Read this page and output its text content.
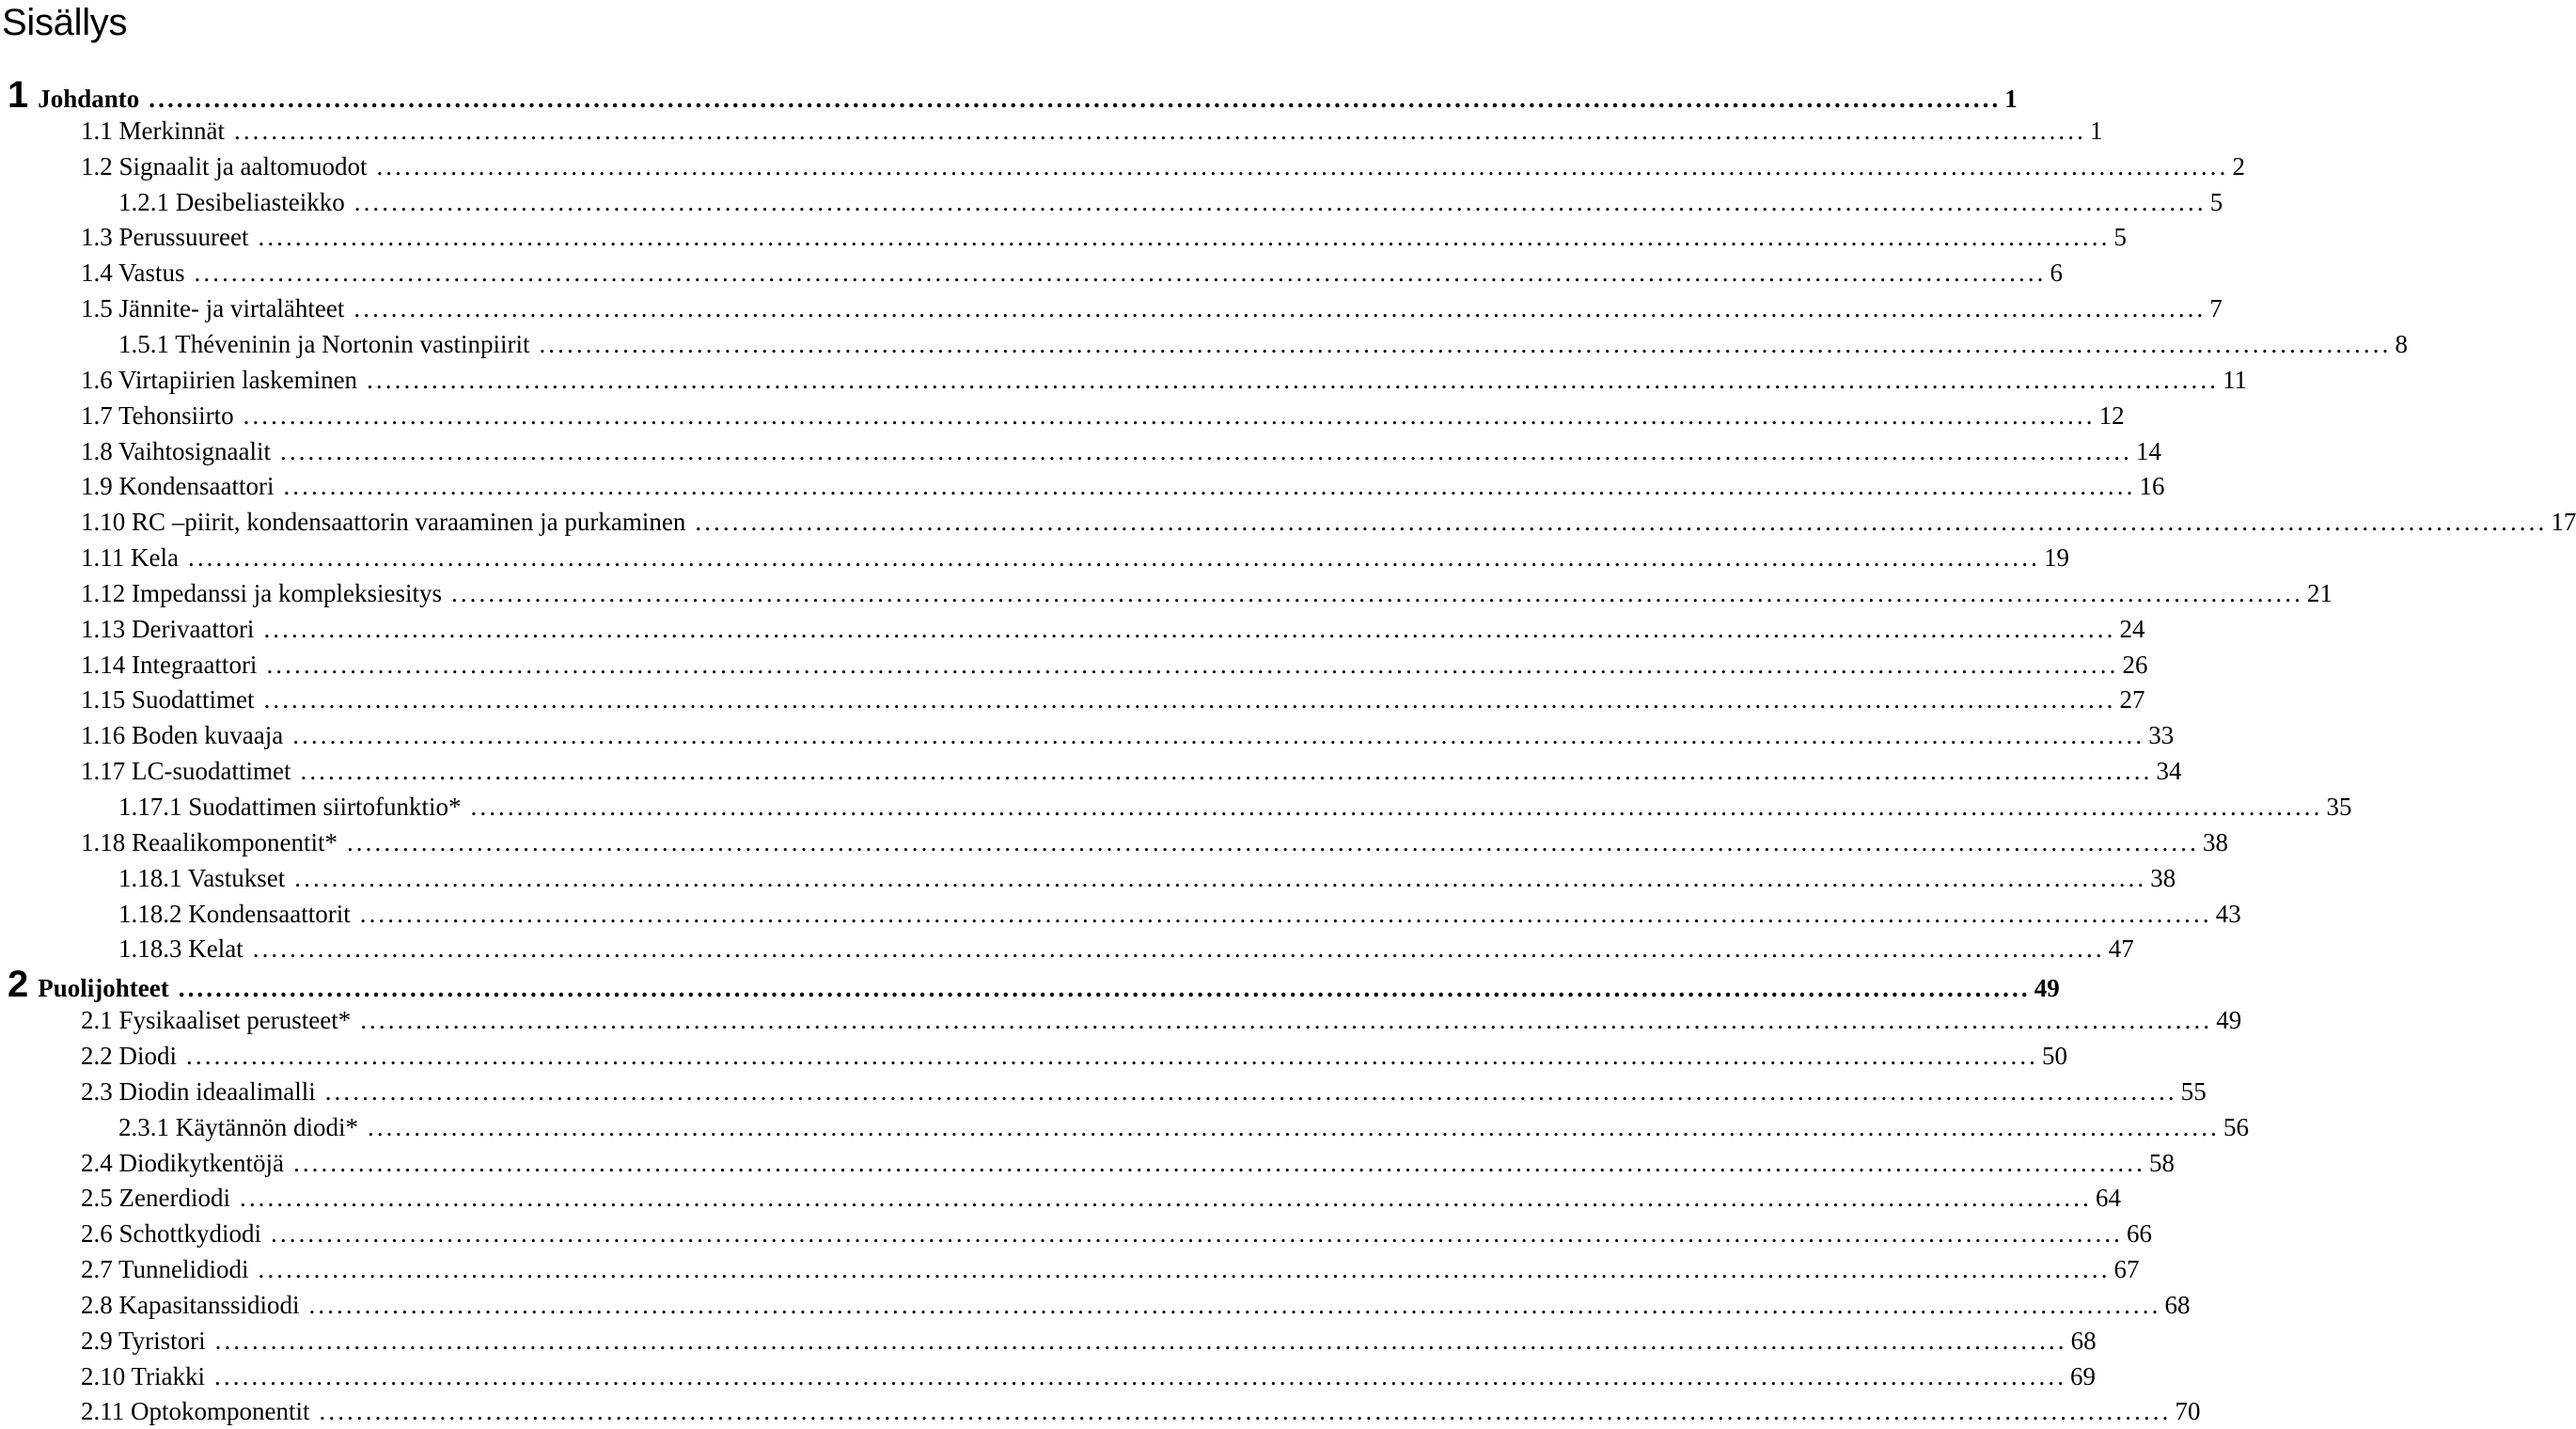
Sisällys
1 Johdanto ........................................................................................................................................................................................................ 1
1.1 Merkinnät ........................................................................................................................................................................................................ 1
1.2 Signaalit ja aaltomuodot ........................................................................................................................................................................................................ 2
1.2.1 Desibeliasteikko ........................................................................................................................................................................................................ 5
1.3 Perussuureet ........................................................................................................................................................................................................ 5
1.4 Vastus ........................................................................................................................................................................................................ 6
1.5 Jännite- ja virtalähteet ........................................................................................................................................................................................................ 7
1.5.1 Théveninin ja Nortonin vastinpiirit ........................................................................................................................................................................................................ 8
1.6 Virtapiirien laskeminen ........................................................................................................................................................................................................ 11
1.7 Tehonsiirto ........................................................................................................................................................................................................ 12
1.8 Vaihtosignaalit ........................................................................................................................................................................................................ 14
1.9 Kondensaattori ........................................................................................................................................................................................................ 16
1.10 RC –piirit, kondensaattorin varaaminen ja purkaminen ........................................................................................................................................................................................................ 17
1.11 Kela ........................................................................................................................................................................................................ 19
1.12 Impedanssi ja kompleksiesitys ........................................................................................................................................................................................................ 21
1.13 Derivaattori ........................................................................................................................................................................................................ 24
1.14 Integraattori ........................................................................................................................................................................................................ 26
1.15 Suodattimet ........................................................................................................................................................................................................ 27
1.16 Boden kuvaaja ........................................................................................................................................................................................................ 33
1.17 LC-suodattimet ........................................................................................................................................................................................................ 34
1.17.1 Suodattimen siirtofunktio* ........................................................................................................................................................................................................ 35
1.18 Reaalikomponentit* ........................................................................................................................................................................................................ 38
1.18.1 Vastukset ........................................................................................................................................................................................................ 38
1.18.2 Kondensaattorit ........................................................................................................................................................................................................ 43
1.18.3 Kelat ........................................................................................................................................................................................................ 47
2 Puolijohteet ........................................................................................................................................................................................................ 49
2.1 Fysikaaliset perusteet* ........................................................................................................................................................................................................ 49
2.2 Diodi ........................................................................................................................................................................................................ 50
2.3 Diodin ideaalimalli ........................................................................................................................................................................................................ 55
2.3.1 Käytännön diodi* ........................................................................................................................................................................................................ 56
2.4 Diodikytkentöjä ........................................................................................................................................................................................................ 58
2.5 Zenerdiodi ........................................................................................................................................................................................................ 64
2.6 Schottkydiodi ........................................................................................................................................................................................................ 66
2.7 Tunnelidiodi ........................................................................................................................................................................................................ 67
2.8 Kapasitanssidiodi ........................................................................................................................................................................................................ 68
2.9 Tyristori ........................................................................................................................................................................................................ 68
2.10 Triakki ........................................................................................................................................................................................................ 69
2.11 Optokomponentit ........................................................................................................................................................................................................ 70
